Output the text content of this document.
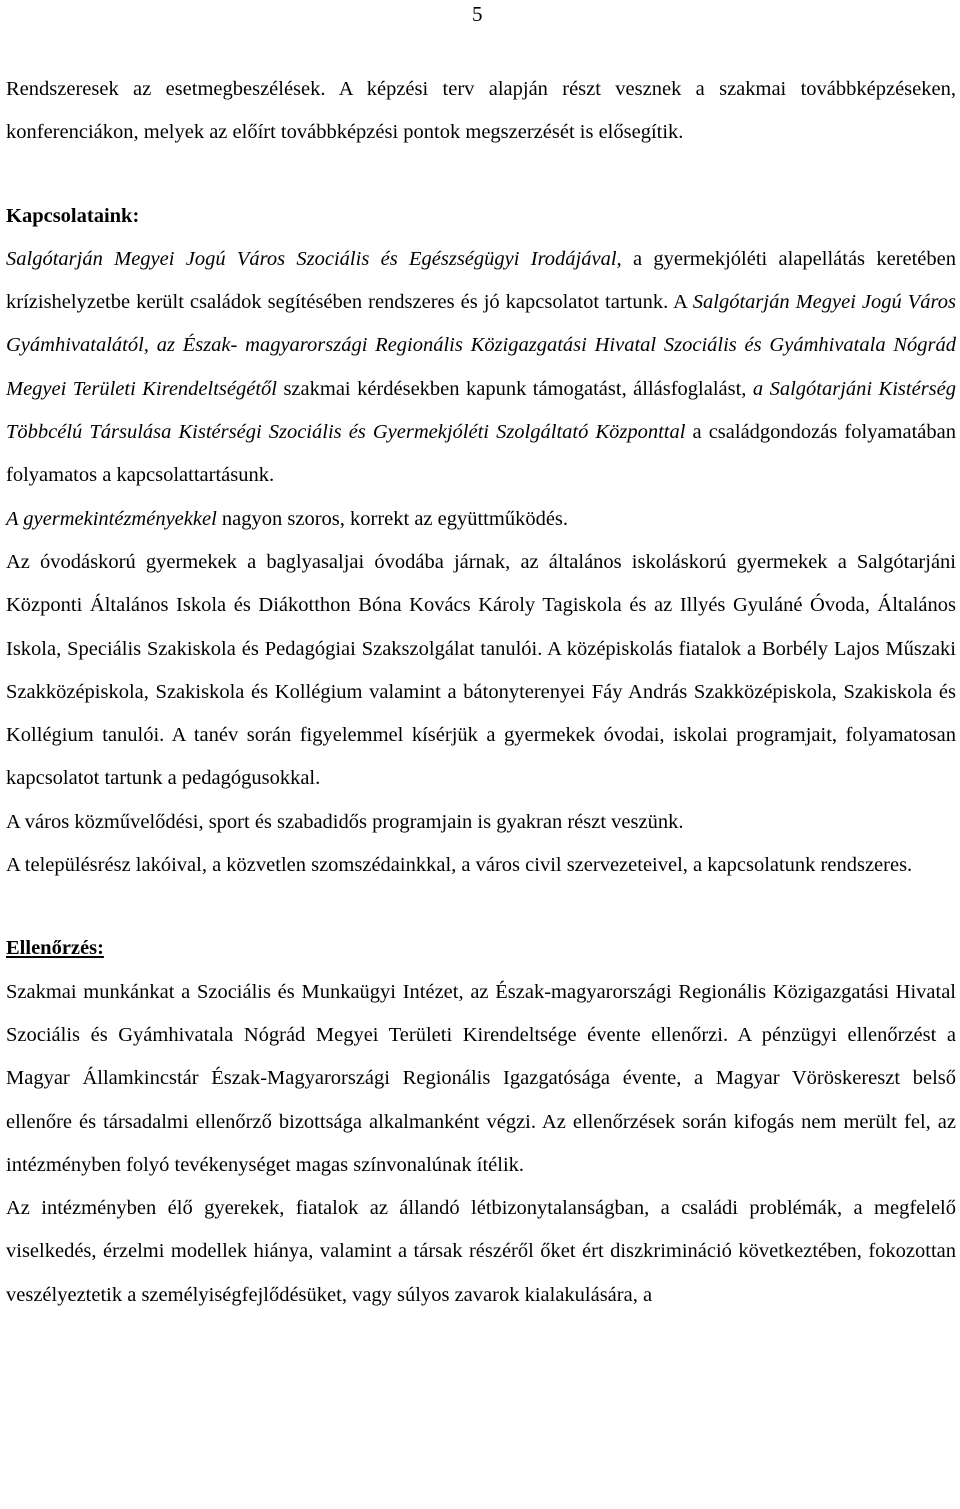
5

Rendszeresek az esetmegbeszélések. A képzési terv alapján részt vesznek a szakmai továbbképzéseken, konferenciákon, melyek az előírt továbbképzési pontok megszerzését is elősegítik.

Kapcsolataink:

Salgótarján Megyei Jogú Város Szociális és Egészségügyi Irodájával, a gyermekjóléti alapellátás keretében krízishelyzetbe került családok segítésében rendszeres és jó kapcsolatot tartunk. A Salgótarján Megyei Jogú Város Gyámhivatalától, az Észak- magyarországi Regionális Közigazgatási Hivatal Szociális és Gyámhivatala Nógrád Megyei Területi Kirendeltségétől szakmai kérdésekben kapunk támogatást, állásfoglalást, a Salgótarjáni Kistérség Többcélú Társulása Kistérségi Szociális és Gyermekjóléti Szolgáltató Központtal a családgondozás folyamatában folyamatos a kapcsolattartásunk.

A gyermekintézményekkel nagyon szoros, korrekt az együttműködés.

Az óvodáskorú gyermekek a baglyasaljai óvodába járnak, az általános iskoláskorú gyermekek a Salgótarjáni Központi Általános Iskola és Diákotthon Bóna Kovács Károly Tagiskola és az Illyés Gyuláné Óvoda, Általános Iskola, Speciális Szakiskola és Pedagógiai Szakszolgálat tanulói. A középiskolás fiatalok a Borbély Lajos Műszaki Szakközépiskola, Szakiskola és Kollégium valamint a bátonyterenyei Fáy András Szakközépiskola, Szakiskola és Kollégium tanulói. A tanév során figyelemmel kísérjük a gyermekek óvodai, iskolai programjait, folyamatosan kapcsolatot tartunk a pedagógusokkal.

A város közművelődési, sport és szabadidős programjain is gyakran részt veszünk.

A településrész lakóival, a közvetlen szomszédainkkal, a város civil szervezeteivel, a kapcsolatunk rendszeres.

Ellenőrzés:

Szakmai munkánkat a Szociális és Munkaügyi Intézet, az Észak-magyarországi Regionális Közigazgatási Hivatal Szociális és Gyámhivatala Nógrád Megyei Területi Kirendeltsége évente ellenőrzi. A pénzügyi ellenőrzést a Magyar Államkincstár Észak-Magyarországi Regionális Igazgatósága évente, a Magyar Vöröskereszt belső ellenőre és társadalmi ellenőrző bizottsága alkalmanként végzi. Az ellenőrzések során kifogás nem merült fel, az intézményben folyó tevékenységet magas színvonalúnak ítélik.

Az intézményben élő gyerekek, fiatalok az állandó létbizonytalanságban, a családi problémák, a megfelelő viselkedés, érzelmi modellek hiánya, valamint a társak részéről őket ért diszkrimináció következtében, fokozottan veszélyeztetik a személyiségfejlődésüket, vagy súlyos zavarok kialakulására, a
